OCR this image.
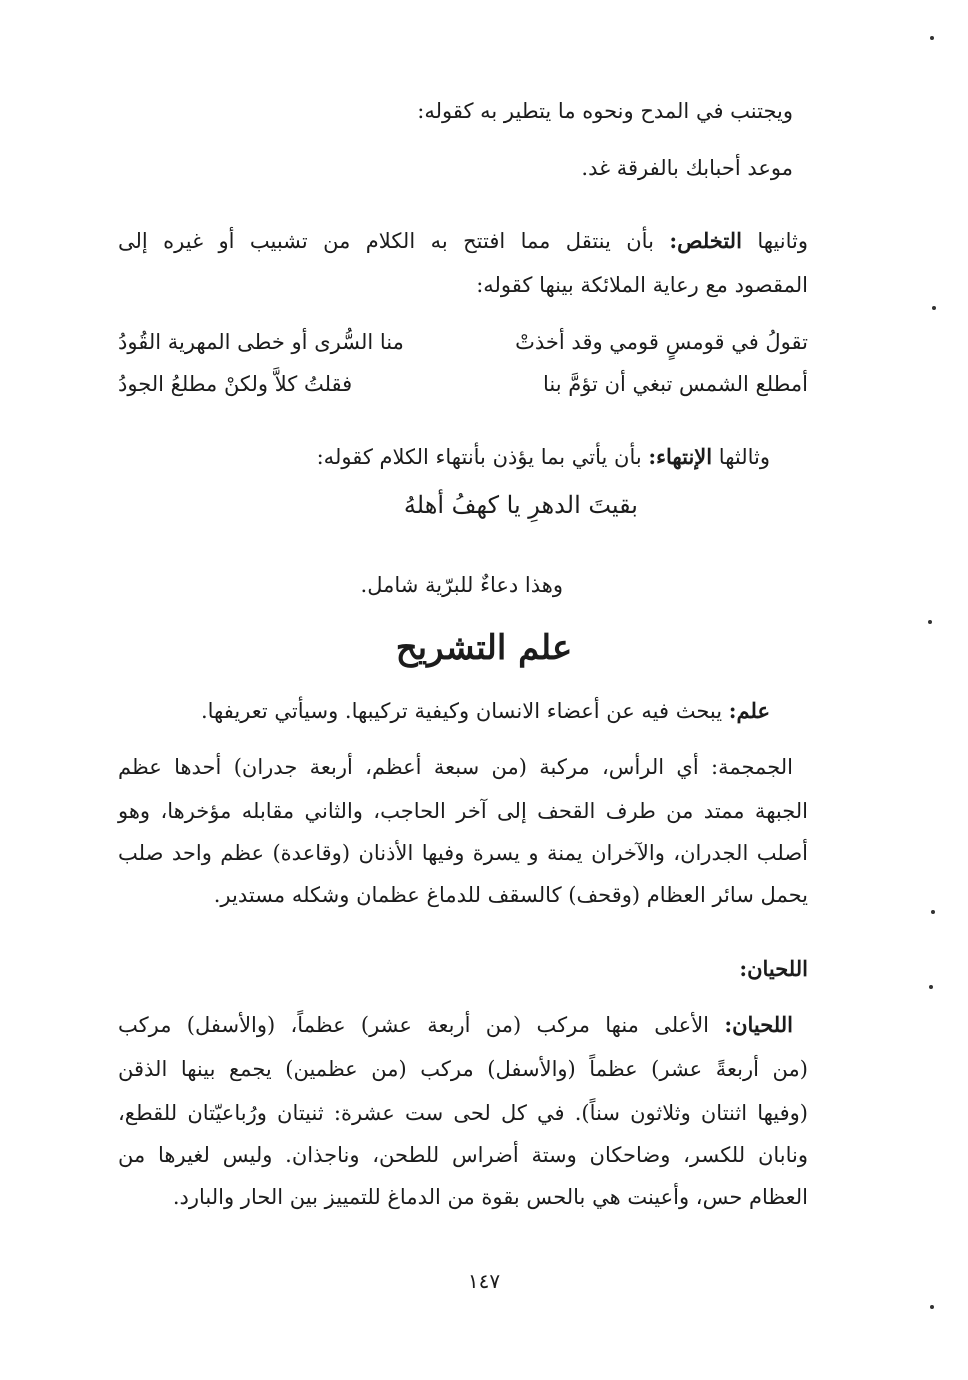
ويجتنب في المدح ونحوه ما يتطير به كقوله:
موعد أحبابك بالفرقة غد.
وثانيها التخلص: بأن ينتقل مما افتتح به الكلام من تشبيب أو غيره إلى
المقصود مع رعاية الملائكة بينها كقوله:
تقولُ في قومسٍ قومي وقد أخذتْ
منا السُّرى أو خطى المهرية القُودُ
أمطلع الشمس تبغي أن تؤمَّ بنا
فقلتُ كلاَّ ولكنْ مطلعُ الجودُ
وثالثها الإنتهاء: بأن يأتي بما يؤذن بأنتهاء الكلام كقوله:
بقيتَ الدهرِ يا كهفُ أهلهُ
وهذا دعاءٌ للبرّية شامل.
علم التشريح
علم: يبحث فيه عن أعضاء الانسان وكيفية تركيبها. وسيأتي تعريفها.
الجمجمة: أي الرأس، مركبة (من سبعة أعظم، أربعة جدران) أحدها عظم
الجبهة ممتد من طرف القحف إلى آخر الحاجب، والثاني مقابله مؤخرها، وهو
أصلب الجدران، والآخران يمنة و يسرة وفيها الأذنان (وقاعدة) عظم واحد صلب
يحمل سائر العظام (وقحف) كالسقف للدماغ عظمان وشكله مستدير.
اللحيان:
اللحيان: الأعلى منها مركب (من أربعة عشر) عظماً، (والأسفل) مركب
(من أربعةً عشر) عظماً (والأسفل) مركب (من عظمين) يجمع بينها الذقن
(وفيها اثنتان وثلاثون سناً). في كل لحى ست عشرة: ثنيتان ورُباعيّتان للقطع،
ونابان للكسر، وضاحكان وستة أضراس للطحن، وناجذان. وليس لغيرها من
العظام حس، وأعينت هي بالحس بقوة من الدماغ للتمييز بين الحار والبارد.
١٤٧
